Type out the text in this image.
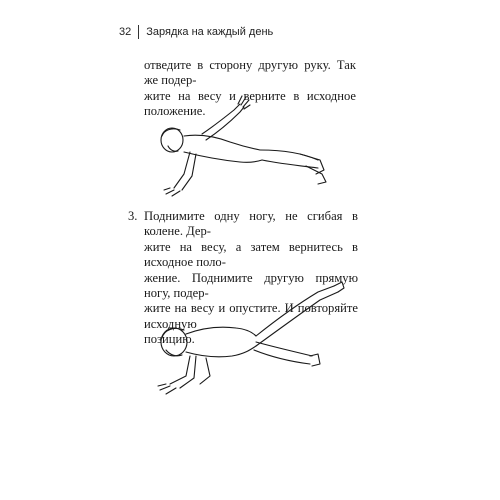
32 Зарядка на каждый день
отведите в сторону другую руку. Так же подер-
жите на весу и верните в исходное положение.
3. Поднимите одну ногу, не сгибая в колене. Дер-
жите на весу, а затем вернитесь в исходное поло-
жение. Поднимите другую прямую ногу, подер-
жите на весу и опустите. И повторяйте исходную
позицию.
